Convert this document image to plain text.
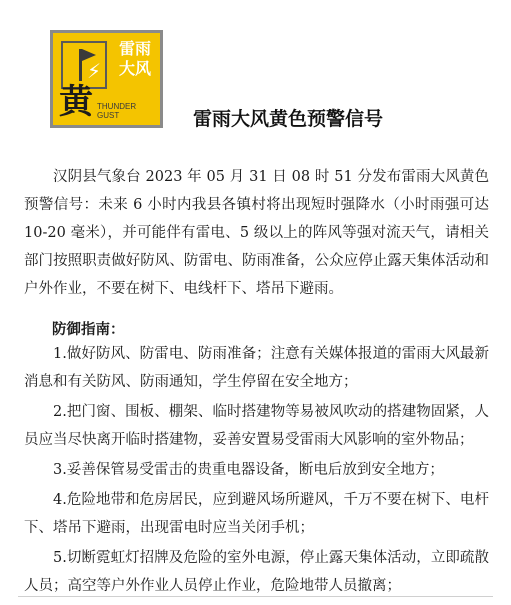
⚡
雷雨
大风
黄 THUNDER GUST	雷雨大风黄色预警信号

汉阴县气象台 2023 年 05 月 31 日 08 时 51 分发布雷雨大风黄色预警信号：未来 6 小时内我县各镇村将出现短时强降水（小时雨强可达 10-20 毫米），并可能伴有雷电、5 级以上的阵风等强对流天气，请相关部门按照职责做好防风、防雷电、防雨准备，公众应停止露天集体活动和户外作业，不要在树下、电线杆下、塔吊下避雨。

防御指南：
1.做好防风、防雷电、防雨准备；注意有关媒体报道的雷雨大风最新消息和有关防风、防雨通知，学生停留在安全地方；
2.把门窗、围板、棚架、临时搭建物等易被风吹动的搭建物固紧，人员应当尽快离开临时搭建物，妥善安置易受雷雨大风影响的室外物品；
3.妥善保管易受雷击的贵重电器设备，断电后放到安全地方；
4.危险地带和危房居民，应到避风场所避风，千万不要在树下、电杆下、塔吊下避雨，出现雷电时应当关闭手机；
5.切断霓虹灯招牌及危险的室外电源，停止露天集体活动，立即疏散人员；高空等户外作业人员停止作业，危险地带人员撤离；
